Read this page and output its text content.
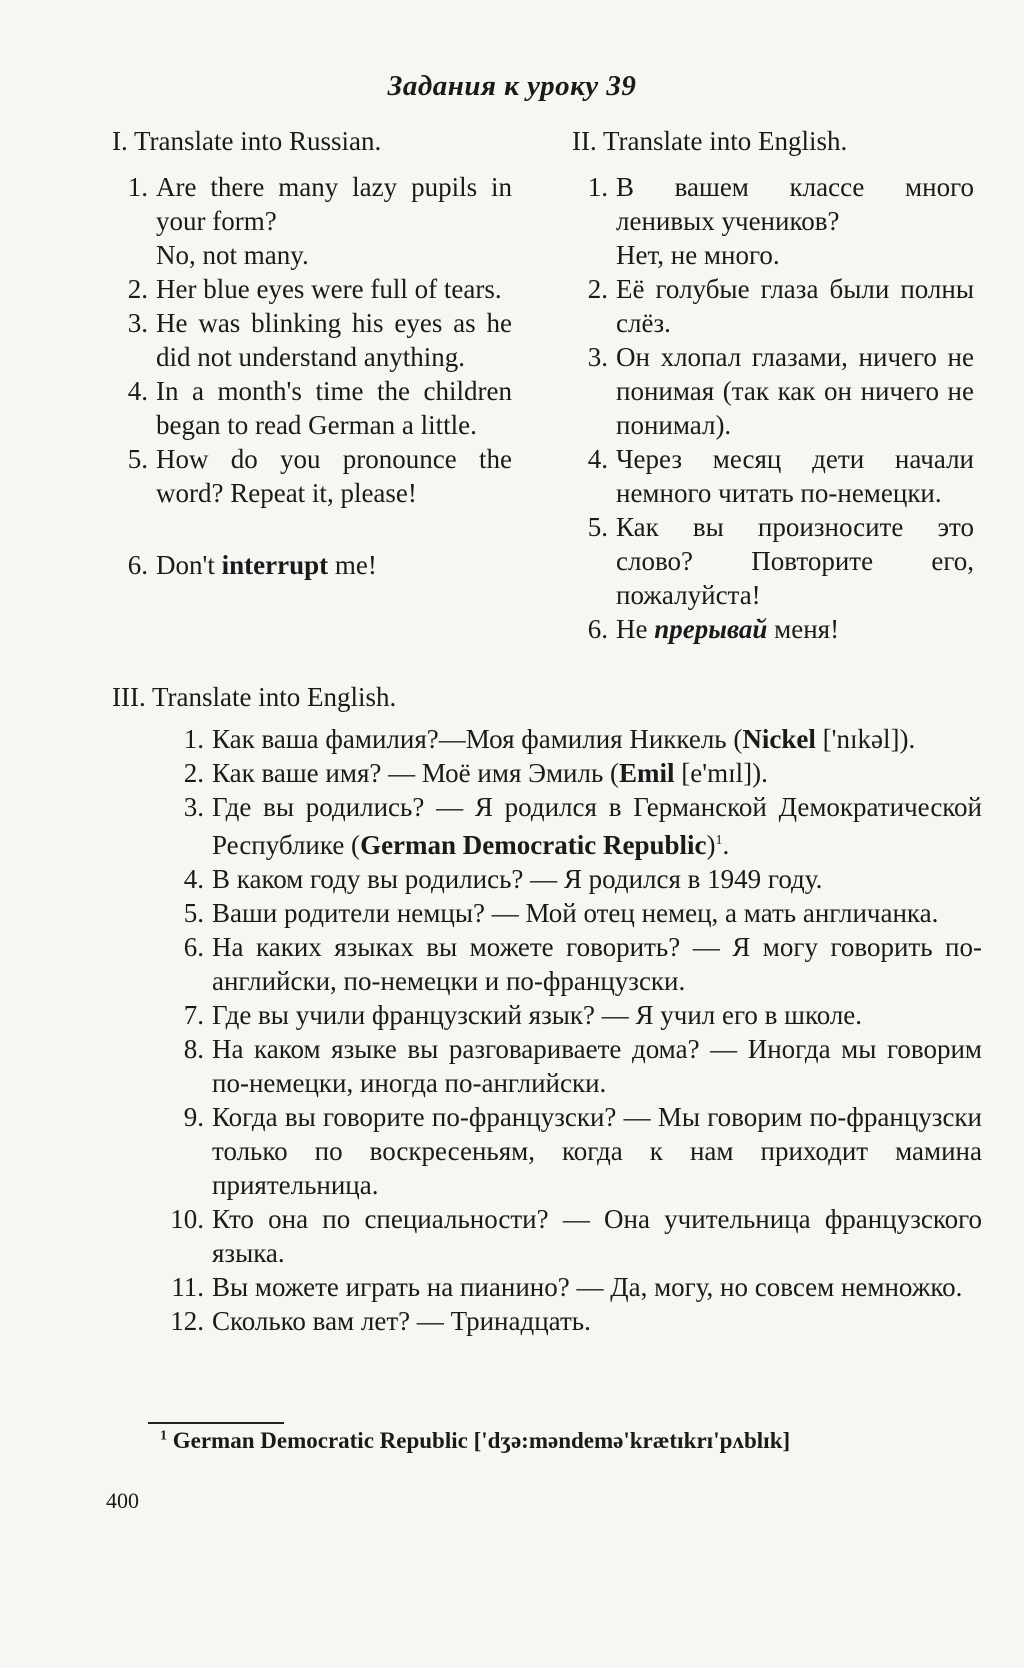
Задания к уроку 39
I. Translate into Russian.
1. Are there many lazy pupils in your form?
No, not many.
2. Her blue eyes were full of tears.
3. He was blinking his eyes as he did not understand anything.
4. In a month's time the children began to read German a little.
5. How do you pronounce the word? Repeat it, please!
6. Don't interrupt me!
II. Translate into English.
1. В вашем классе много ленивых учеников?
Нет, не много.
2. Её голубые глаза были полны слёз.
3. Он хлопал глазами, ничего не понимая (так как он ничего не понимал).
4. Через месяц дети начали немного читать по-немецки.
5. Как вы произносите это слово? Повторите его, пожалуйста!
6. Не прерывай меня!
III. Translate into English.
1. Как ваша фамилия?—Моя фамилия Никкель (Nickel ['nɪkəl]).
2. Как ваше имя? — Моё имя Эмиль (Emil [e'mɪl]).
3. Где вы родились? — Я родился в Германской Демократической Республике (German Democratic Republic)$^1$.
4. В каком году вы родились? — Я родился в 1949 году.
5. Ваши родители немцы? — Мой отец немец, а мать англичанка.
6. На каких языках вы можете говорить? — Я могу говорить по-английски, по-немецки и по-французски.
7. Где вы учили французский язык? — Я учил его в школе.
8. На каком языке вы разговариваете дома? — Иногда мы говорим по-немецки, иногда по-английски.
9. Когда вы говорите по-французски? — Мы говорим по-французски только по воскресеньям, когда к нам приходит мамина приятельница.
10. Кто она по специальности? — Она учительница французского языка.
11. Вы можете играть на пианино? — Да, могу, но совсем немножко.
12. Сколько вам лет? — Тринадцать.
$^1$ German Democratic Republic ['dʒə:məndemə'krætɪkrɪ'pʌblɪk]
400
